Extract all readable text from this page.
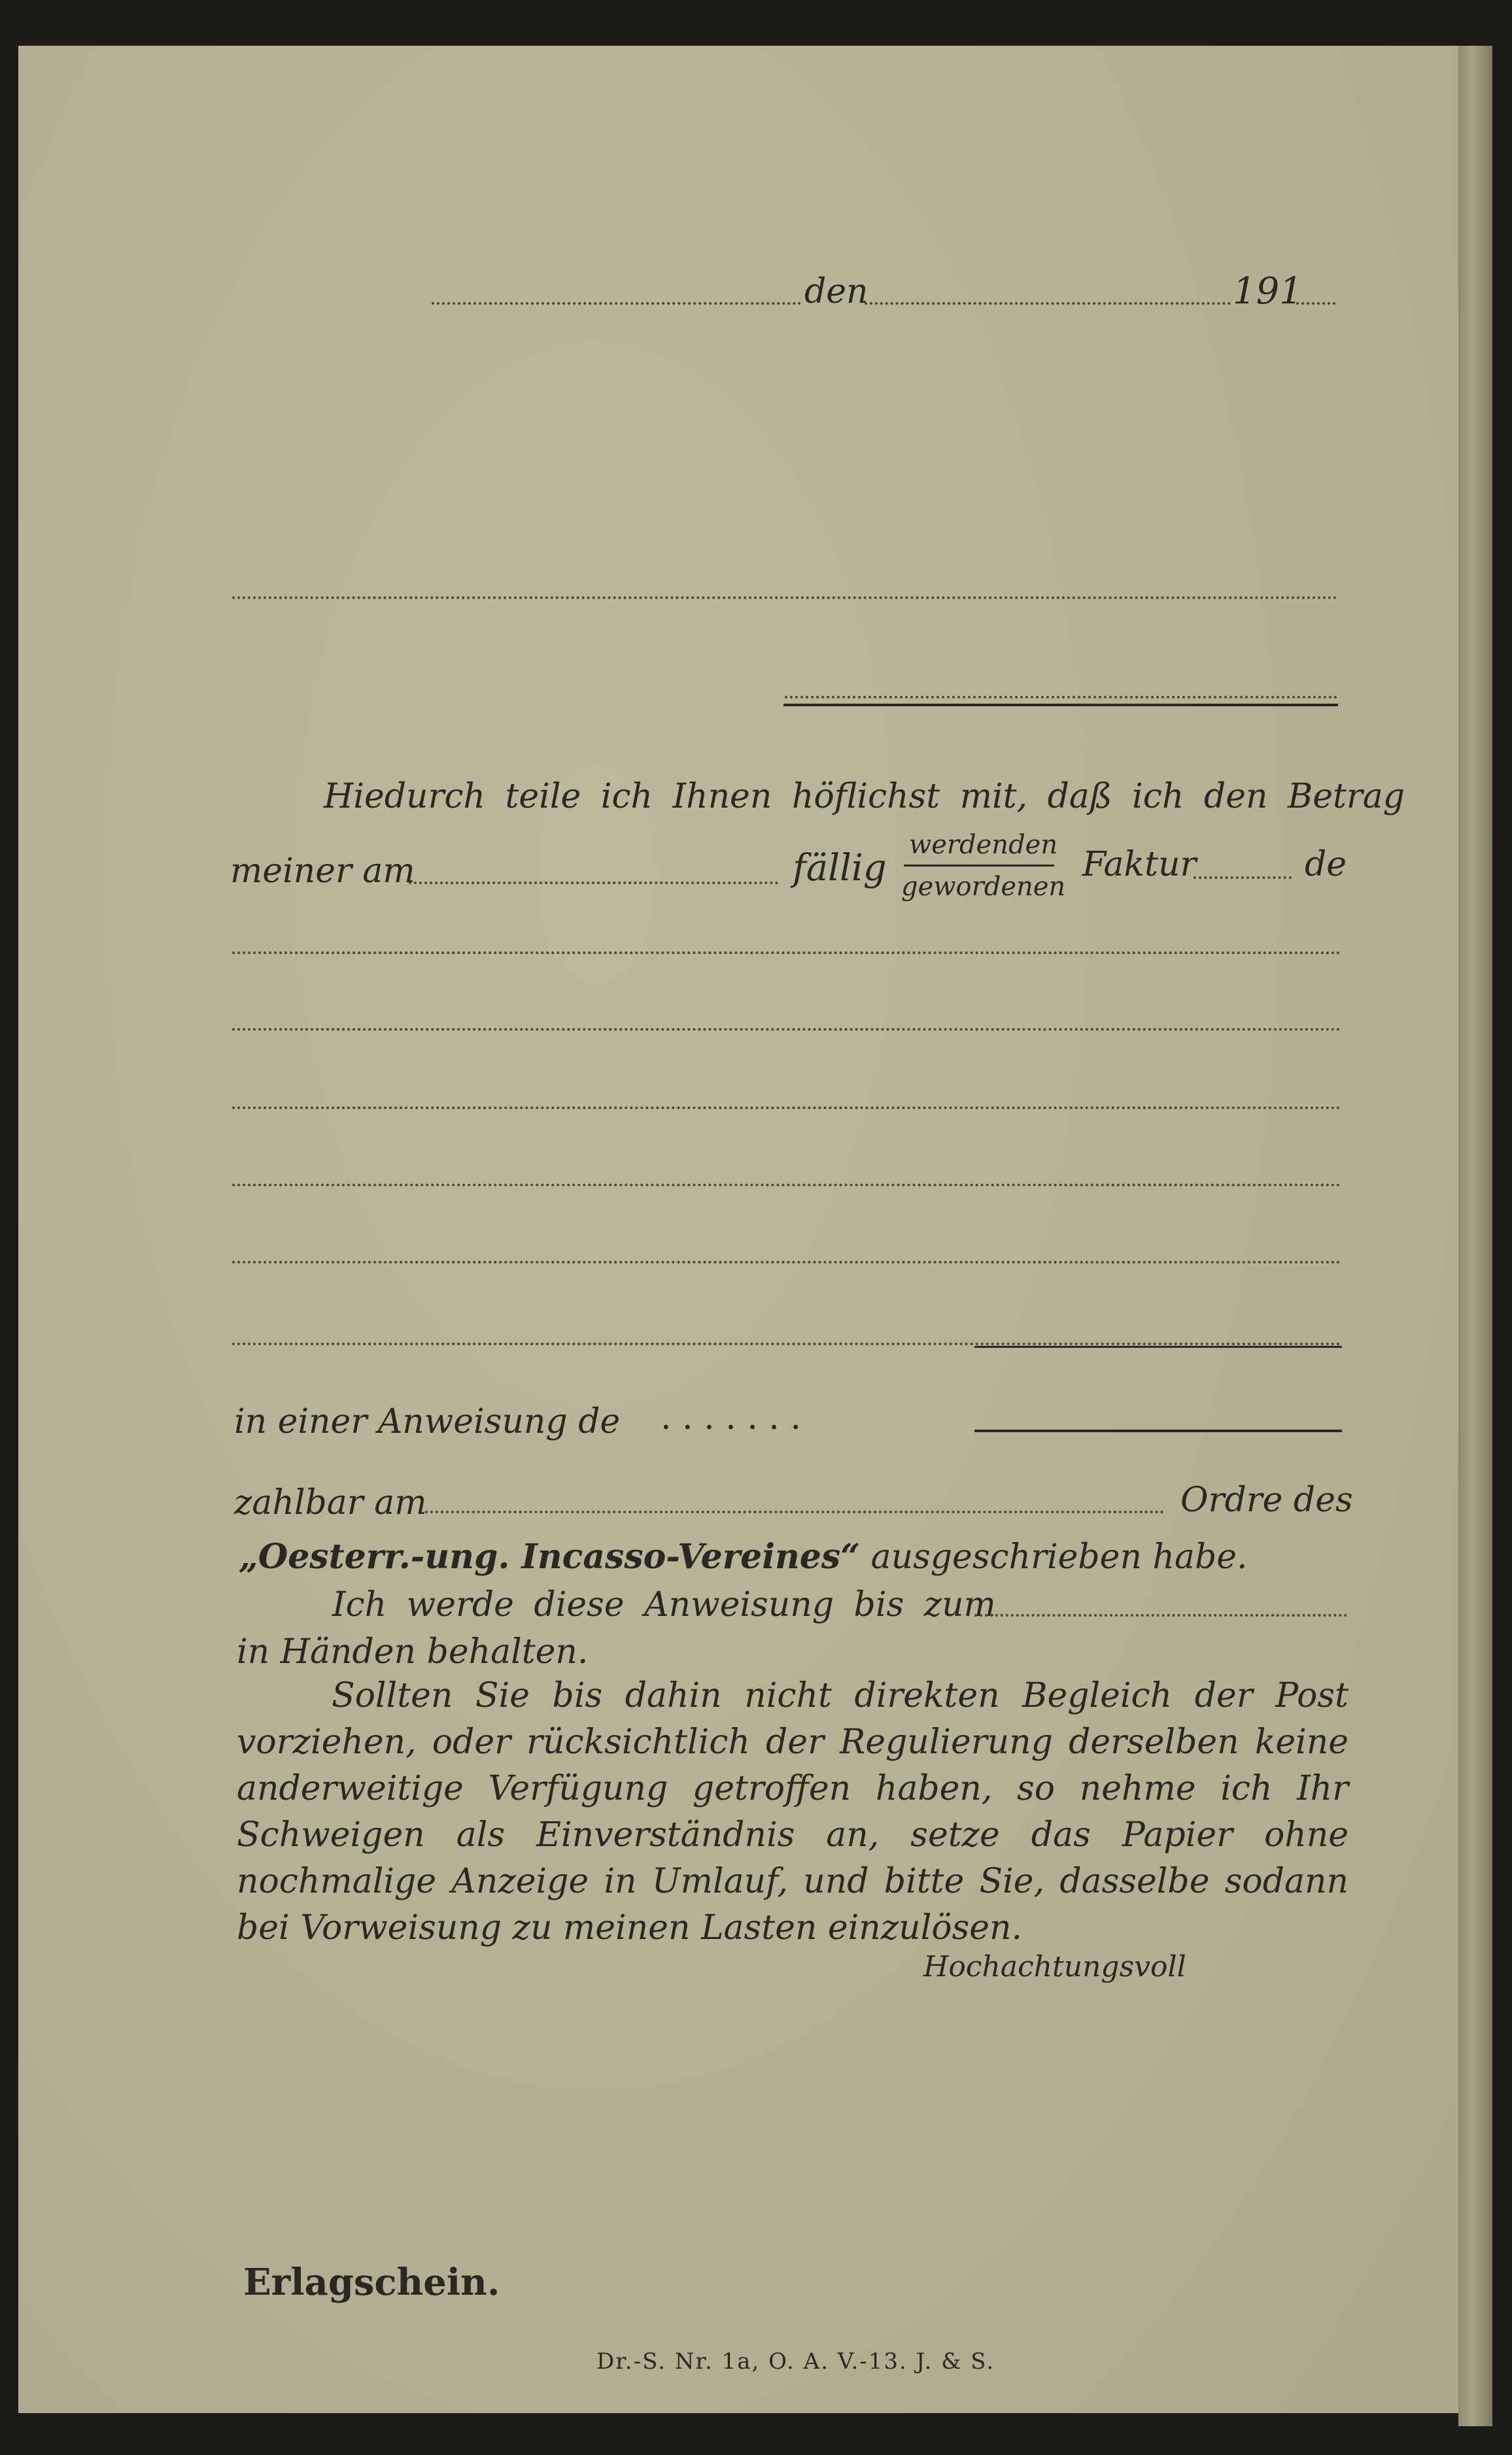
den	191
Hiedurch teile ich Ihnen höflichst mit, daß ich den Betrag
meiner am	fällig
werdenden
gewordenen
Faktur	de
in einer Anweisung de . . . . . . .
zahlbar am	Ordre des
„Oesterr.-ung. Incasso-Vereines“ ausgeschrieben habe.
Ich werde diese Anweisung bis zum
in Händen behalten.
Sollten Sie bis dahin nicht direkten Begleich der Post vorziehen, oder rücksichtlich der Regulierung derselben keine anderweitige Verfügung getroffen haben, so nehme ich Ihr Schweigen als Einverständnis an, setze das Papier ohne nochmalige Anzeige in Umlauf, und bitte Sie, dasselbe sodann bei Vorweisung zu meinen Lasten einzulösen.
Hochachtungsvoll
Erlagschein.
Dr.-S. Nr. 1a, O. A. V.-13. J. & S.
